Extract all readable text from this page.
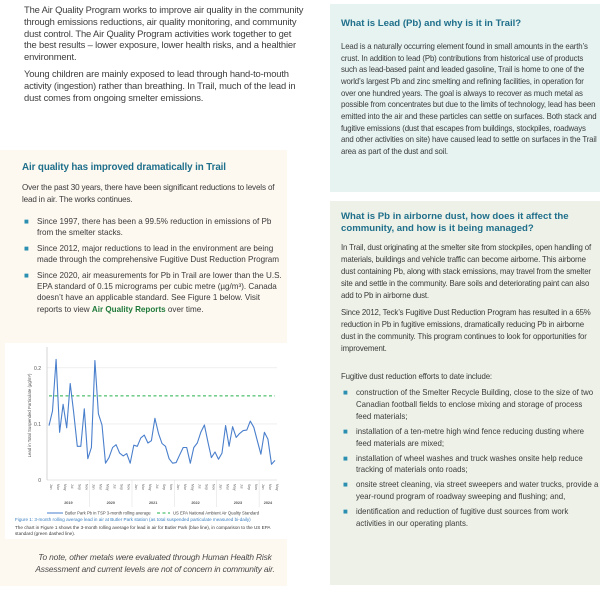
The Air Quality Program works to improve air quality in the community through emissions reductions, air quality monitoring, and community dust control. The Air Quality Program activities work together to get the best results – lower exposure, lower health risks, and a healthier environment.

Young children are mainly exposed to lead through hand-to-mouth activity (ingestion) rather than breathing. In Trail, much of the lead in dust comes from ongoing smelter emissions.

Air quality has improved dramatically in Trail

Over the past 30 years, there have been significant reductions to levels of lead in air. The works continues.

■ Since 1997, there has been a 99.5% reduction in emissions of Pb from the smelter stacks.
■ Since 2012, major reductions to lead in the environment are being made through the comprehensive Fugitive Dust Reduction Program
■ Since 2020, air measurements for Pb in Trail are lower than the U.S. EPA standard of 0.15 micrograms per cubic metre (µg/m³). Canada doesn’t have an applicable standard. See Figure 1 below. Visit reports to view Air Quality Reports over time.
0
0.1
0.2
Lead in Total Suspended Particulate (µg/m³)
Jan Mar May Jul Sep Nov Jan Mar May Jul Sep Nov Jan Mar May Jul Sep Nov Jan Mar May Jul Sep Nov Jan Mar May Jul Sep Nov Jan Mar May
2019	2020	2021	2022	2023	2024
Butler Park Pb in TSP 3-month rolling average	US EPA National Ambient Air Quality Standard
Figure 1: 3-month rolling average lead in air at Butler Park station (as total suspended particulate measured bi-daily)
The chart in Figure 1 shows the 3-month rolling average for lead in air for Butler Park (blue line), in comparison to the US EPA standard (green dashed line).

To note, other metals were evaluated through Human Health Risk Assessment and current levels are not of concern in community air.

What is Lead (Pb) and why is it in Trail?

Lead is a naturally occurring element found in small amounts in the earth’s crust. In addition to lead (Pb) contributions from historical use of products such as lead-based paint and leaded gasoline, Trail is home to one of the world’s largest Pb and zinc smelting and refining facilities, in operation for over one hundred years. The goal is always to recover as much metal as possible from concentrates but due to the limits of technology, lead has been emitted into the air and these particles can settle on surfaces. Both stack and fugitive emissions (dust that escapes from buildings, stockpiles, roadways and other activities on site) have caused lead to settle on surfaces in the Trail area as part of the dust and soil.

What is Pb in airborne dust, how does it affect the community, and how is it being managed?

In Trail, dust originating at the smelter site from stockpiles, open handling of materials, buildings and vehicle traffic can become airborne. This airborne dust containing Pb, along with stack emissions, may travel from the smelter site and settle in the community. Bare soils and deteriorating paint can also add to Pb in airborne dust.

Since 2012, Teck’s Fugitive Dust Reduction Program has resulted in a 65% reduction in Pb in fugitive emissions, dramatically reducing Pb in airborne dust in the community. This program continues to look for opportunities for improvement.

Fugitive dust reduction efforts to date include:

■ construction of the Smelter Recycle Building, close to the size of two Canadian football fields to enclose mixing and storage of process feed materials;
■ installation of a ten-metre high wind fence reducing dusting where feed materials are mixed;
■ installation of wheel washes and truck washes onsite help reduce tracking of materials onto roads;
■ onsite street cleaning, via street sweepers and water trucks, provide a year-round program of roadway sweeping and flushing; and,
■ identification and reduction of fugitive dust sources from work activities in our operating plants.
